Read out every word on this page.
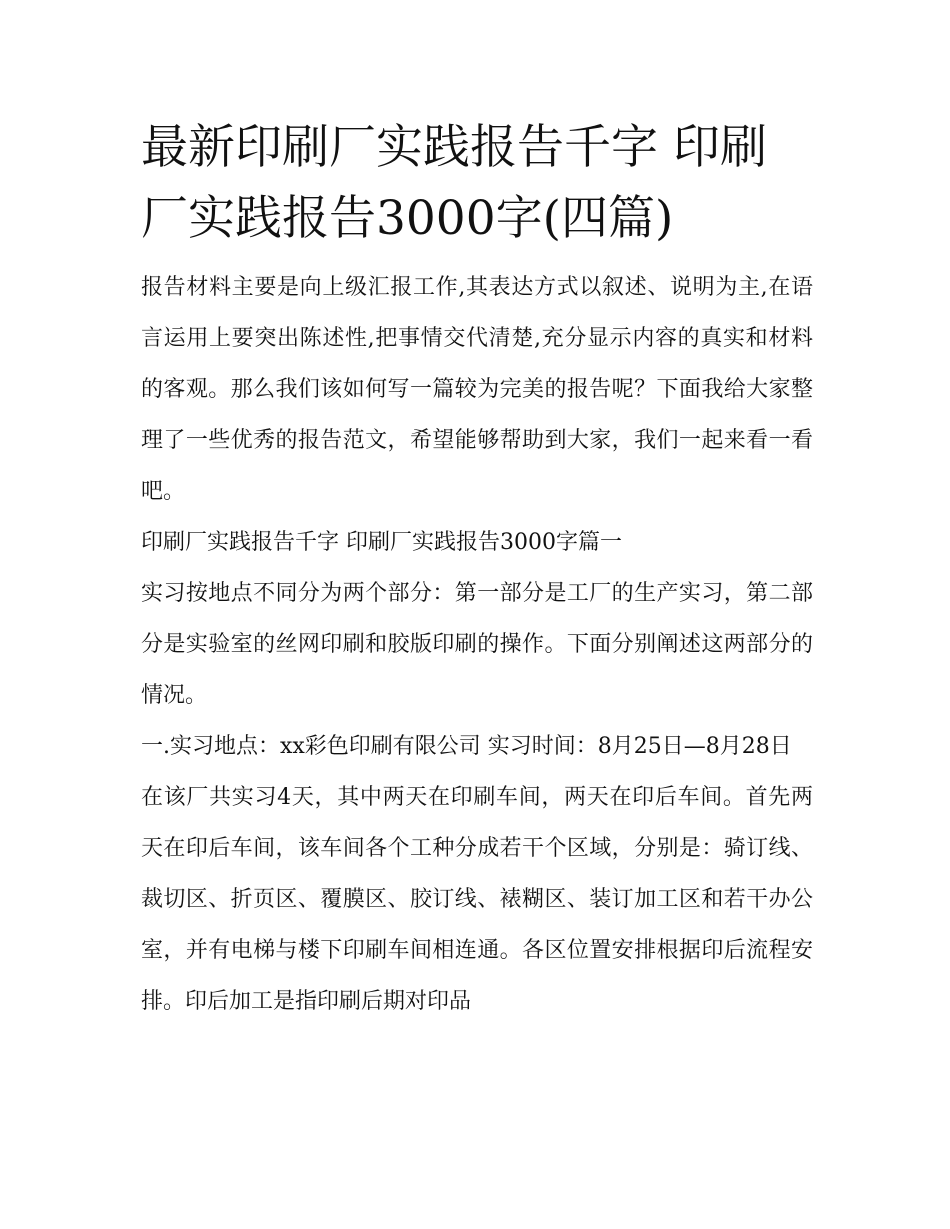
最新印刷厂实践报告千字 印刷厂实践报告3000字(四篇)

报告材料主要是向上级汇报工作,其表达方式以叙述、说明为主,在语言运用上要突出陈述性,把事情交代清楚,充分显示内容的真实和材料的客观。那么我们该如何写一篇较为完美的报告呢？下面我给大家整理了一些优秀的报告范文，希望能够帮助到大家，我们一起来看一看吧。

印刷厂实践报告千字 印刷厂实践报告3000字篇一

实习按地点不同分为两个部分：第一部分是工厂的生产实习，第二部分是实验室的丝网印刷和胶版印刷的操作。下面分别阐述这两部分的情况。

一.实习地点：xx彩色印刷有限公司 实习时间：8月25日—8月28日

在该厂共实习4天，其中两天在印刷车间，两天在印后车间。首先两天在印后车间，该车间各个工种分成若干个区域，分别是：骑订线、裁切区、折页区、覆膜区、胶订线、裱糊区、装订加工区和若干办公室，并有电梯与楼下印刷车间相连通。各区位置安排根据印后流程安排。印后加工是指印刷后期对印品
